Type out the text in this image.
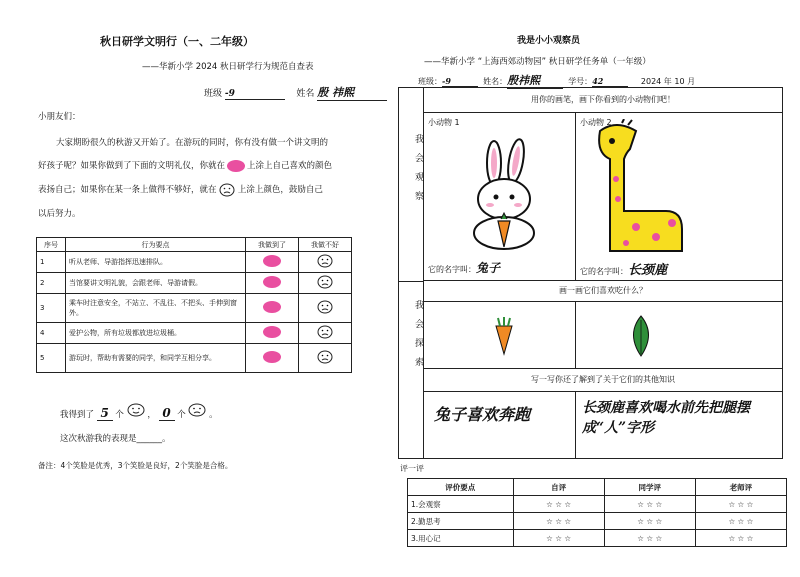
秋日研学文明行（一、二年级）
——华新小学 2024 秋日研学行为规范自查表
班级 -9	姓名 殷 祎熙
小朋友们：
大家期盼很久的秋游又开始了。在游玩的同时，你有没有做一个讲文明的
好孩子呢？如果你做到了下面的文明礼仪，你就在	上涂上自己喜欢的颜色
表扬自己；如果你在某一条上做得不够好，就在	上涂上颜色，鼓励自己
以后努力。
序号	行为要点	我做到了	我做不好
1	听从老师、导游指挥迅速排队。		
2	当馆要讲文明礼貌，会跟老师、导游请假。		
3	乘车时注意安全，不站立、不乱往、不把头、手伸到窗外。		
4	爱护公物，所有垃圾都放进垃圾桶。		
5	游玩时，帮助有需要的同学，和同学互相分享。		
我得到了 5 个  ， 0 个  。
这次秋游我的表现是______。
备注：4个笑脸是优秀，3个笑脸是良好，2个笑脸是合格。
我是小小观察员
——华新小学 “上海西郊动物园” 秋日研学任务单（一年级）
班级：-9	姓名：殷祎熙	学号：42	2024 年 10 月
我会观察
我会探索
用你的画笔，画下你看到的小动物们吧！
小动物 1
它的名字叫：兔子
小动物 2
它的名字叫：长颈鹿
画一画它们喜欢吃什么？
写一写你还了解到了关于它们的其他知识
兔子喜欢奔跑	长颈鹿喜欢喝水前先把腿摆成“人”字形
评一评
评价要点	自评	同学评	老师评
1.会观察	☆ ☆ ☆	☆ ☆ ☆	☆ ☆ ☆
2.勤思考	☆ ☆ ☆	☆ ☆ ☆	☆ ☆ ☆
3.用心记	☆ ☆ ☆	☆ ☆ ☆	☆ ☆ ☆
